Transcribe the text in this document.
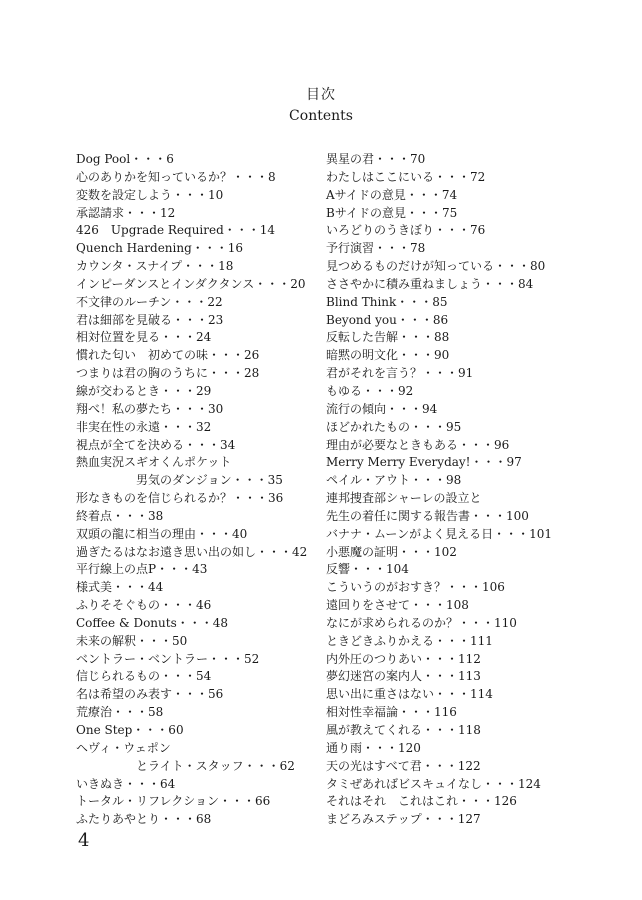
目次
Contents
Dog Pool・・・6
心のありかを知っているか？・・・8
変数を設定しよう・・・10
承認請求・・・12
426　Upgrade Required・・・14
Quench Hardening・・・16
カウンタ・スナイプ・・・18
インピーダンスとインダクタンス・・・20
不文律のルーチン・・・22
君は細部を見破る・・・23
相対位置を見る・・・24
慣れた匂い　初めての味・・・26
つまりは君の胸のうちに・・・28
線が交わるとき・・・29
翔べ！私の夢たち・・・30
非実在性の永遠・・・32
視点が全てを決める・・・34
熱血実況スギオくんポケット
男気のダンジョン・・・35
形なきものを信じられるか？・・・36
終着点・・・38
双頭の龍に相当の理由・・・40
過ぎたるはなお遠き思い出の如し・・・42
平行線上の点P・・・43
様式美・・・44
ふりそそぐもの・・・46
Coffee & Donuts・・・48
未来の解釈・・・50
ベントラー・ベントラー・・・52
信じられるもの・・・54
名は希望のみ表す・・・56
荒療治・・・58
One Step・・・60
ヘヴィ・ウェポン
とライト・スタッフ・・・62
いきぬき・・・64
トータル・リフレクション・・・66
ふたりあやとり・・・68
異星の君・・・70
わたしはここにいる・・・72
Aサイドの意見・・・74
Bサイドの意見・・・75
いろどりのうきぼり・・・76
予行演習・・・78
見つめるものだけが知っている・・・80
ささやかに積み重ねましょう・・・84
Blind Think・・・85
Beyond you・・・86
反転した告解・・・88
暗黙の明文化・・・90
君がそれを言う？・・・91
もゆる・・・92
流行の傾向・・・94
ほどかれたもの・・・95
理由が必要なときもある・・・96
Merry Merry Everyday!・・・97
ペイル・アウト・・・98
連邦捜査部シャーレの設立と
先生の着任に関する報告書・・・100
バナナ・ムーンがよく見える日・・・101
小悪魔の証明・・・102
反響・・・104
こういうのがおすき？・・・106
遠回りをさせて・・・108
なにが求められるのか？・・・110
ときどきふりかえる・・・111
内外圧のつりあい・・・112
夢幻迷宮の案内人・・・113
思い出に重さはない・・・114
相対性幸福論・・・116
風が教えてくれる・・・118
通り雨・・・120
天の光はすべて君・・・122
タミぜあればビスキュイなし・・・124
それはそれ　これはこれ・・・126
まどろみステップ・・・127
4
